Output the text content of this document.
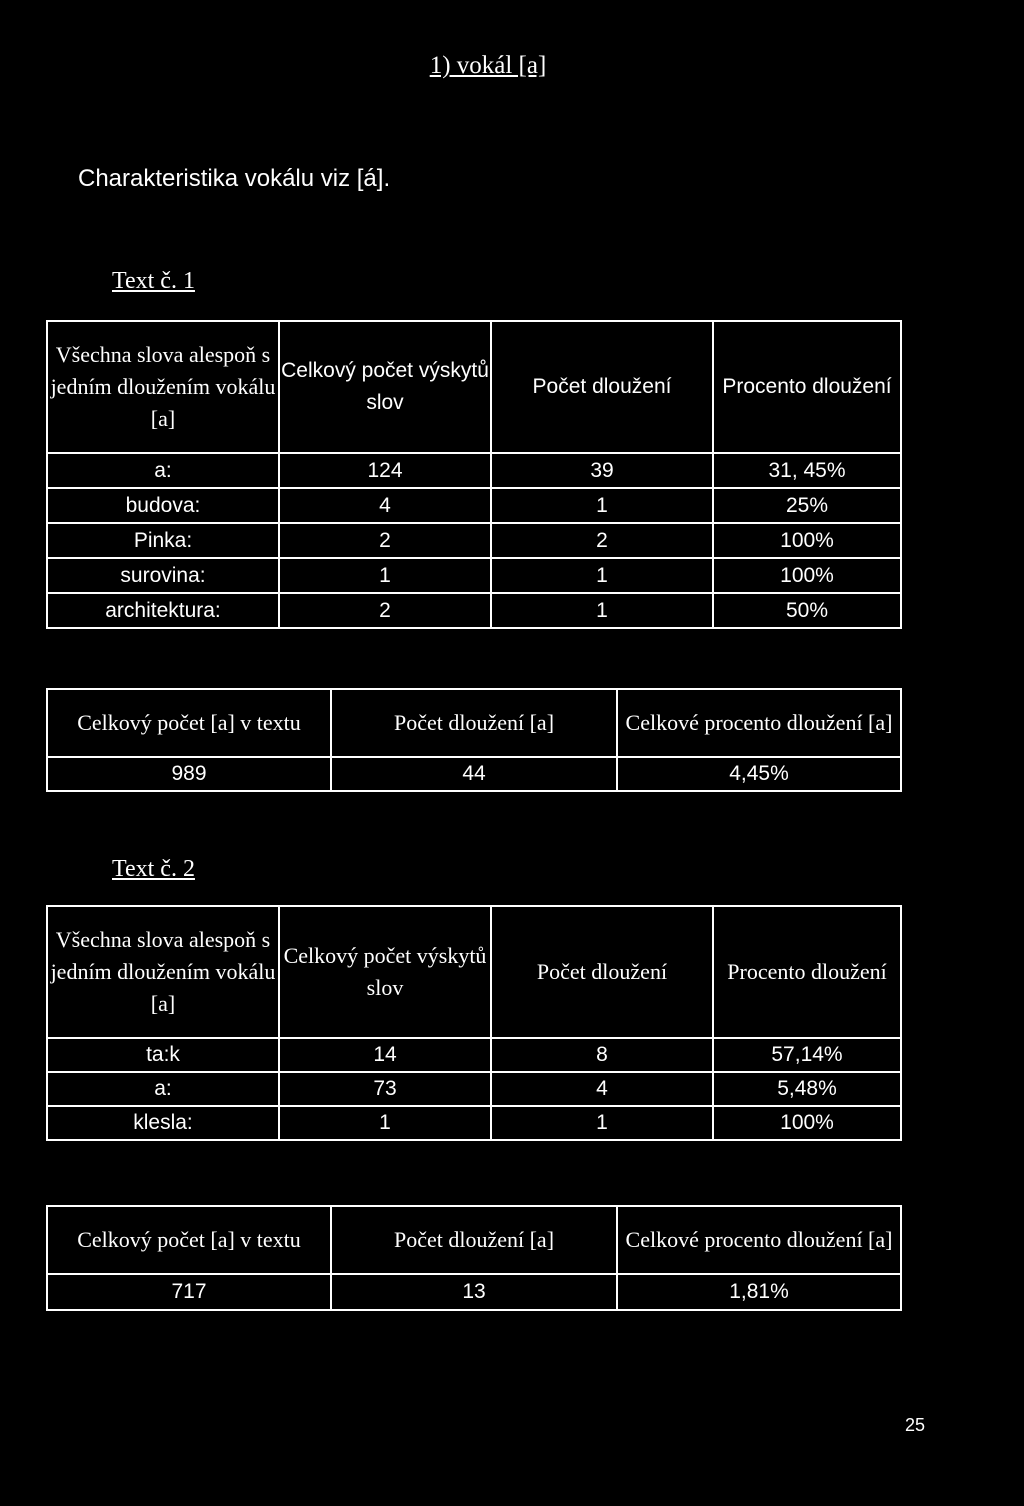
1) vokál [a]
Charakteristika vokálu viz [á].
Text č. 1
Všechna slova alespoň s jedním dloužením vokálu [a]	Celkový počet výskytů slov	Počet dloužení	Procento dloužení
a:	124	39	31, 45%
budova:	4	1	25%
Pinka:	2	2	100%
surovina:	1	1	100%
architektura:	2	1	50%
Celkový počet [a] v textu	Počet dloužení [a]	Celkové procento dloužení [a]
989	44	4,45%
Text č. 2
Všechna slova alespoň s jedním dloužením vokálu [a]	Celkový počet výskytů slov	Počet dloužení	Procento dloužení
ta:k	14	8	57,14%
a:	73	4	5,48%
klesla:	1	1	100%
Celkový počet [a] v textu	Počet dloužení [a]	Celkové procento dloužení [a]
717	13	1,81%
25
